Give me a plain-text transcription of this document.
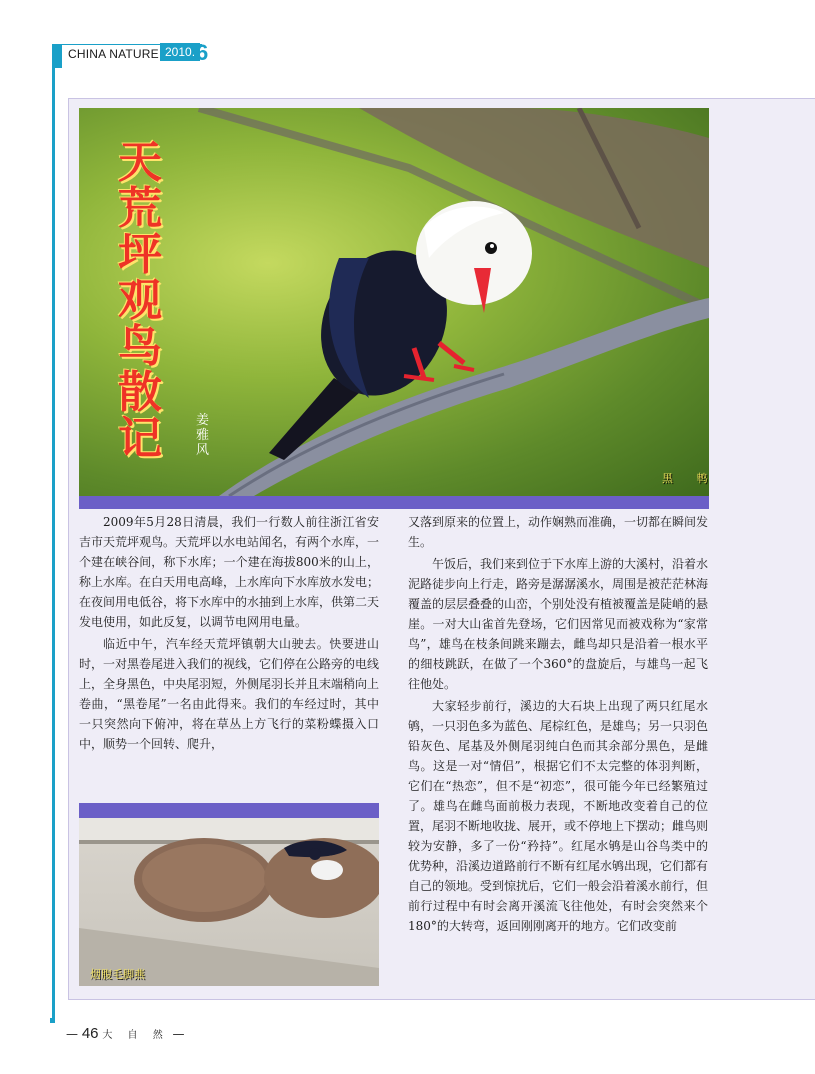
CHINA NATURE 2010. 6
天
荒
坪
观
鸟
散
记	姜
雅
风
黑 鹎

2009年5月28日清晨，我们一行数人前往浙江省安吉市天荒坪观鸟。天荒坪以水电站闻名，有两个水库，一个建在峡谷间，称下水库；一个建在海拔800米的山上，称上水库。在白天用电高峰，上水库向下水库放水发电；在夜间用电低谷，将下水库中的水抽到上水库，供第二天发电使用，如此反复，以调节电网用电量。

临近中午，汽车经天荒坪镇朝大山驶去。快要进山时，一对黑卷尾进入我们的视线，它们停在公路旁的电线上，全身黑色，中央尾羽短，外侧尾羽长并且末端稍向上卷曲，“黑卷尾”一名由此得来。我们的车经过时，其中一只突然向下俯冲，将在草丛上方飞行的菜粉蝶摄入口中，顺势一个回转、爬升，

又落到原来的位置上，动作娴熟而准确，一切都在瞬间发生。

午饭后，我们来到位于下水库上游的大溪村，沿着水泥路徒步向上行走，路旁是潺潺溪水，周围是被茫茫林海覆盖的层层叠叠的山峦，个别处没有植被覆盖是陡峭的悬崖。一对大山雀首先登场，它们因常见而被戏称为“家常鸟”，雄鸟在枝条间跳来蹦去，雌鸟却只是沿着一根水平的细枝跳跃，在做了一个360°的盘旋后，与雄鸟一起飞往他处。

大家轻步前行，溪边的大石块上出现了两只红尾水鸲，一只羽色多为蓝色、尾棕红色，是雄鸟；另一只羽色铅灰色、尾基及外侧尾羽纯白色而其余部分黑色，是雌鸟。这是一对“情侣”，根据它们不太完整的体羽判断，它们在“热恋”，但不是“初恋”，很可能今年已经繁殖过了。雄鸟在雌鸟面前极力表现，不断地改变着自己的位置，尾羽不断地收拢、展开，或不停地上下摆动；雌鸟则较为安静，多了一份“矜持”。红尾水鸲是山谷鸟类中的优势种，沿溪边道路前行不断有红尾水鸲出现，它们都有自己的领地。受到惊扰后，它们一般会沿着溪水前行，但前行过程中有时会离开溪流飞往他处，有时会突然来个180°的大转弯，返回刚刚离开的地方。它们改变前

烟腹毛脚燕
— 46 大 自 然 —
